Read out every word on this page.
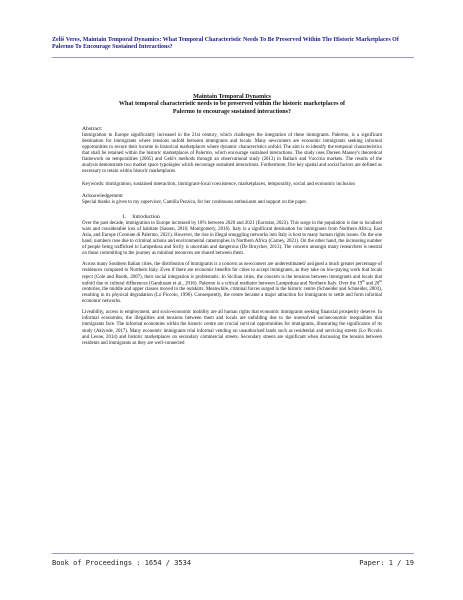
Zeliš Veres, Maintain Temporal Dynamics: What Temporal Characteristic Needs To Be Preserved Within The Historic Marketplaces Of Palermo To Encourage Sustained Interactions?
Maintain Temporal Dynamics
What temporal characteristic needs to be preserved within the historic marketplaces of
Palermo to encourage sustained interactions?
Abstract:

Immigration to Europe significantly increased in the 21st century, which challenges the integration of these immigrants. Palermo, is a significant destination for immigrants where tensions unfold between immigrants and locals. Many newcomers are economic immigrants seeking informal opportunities to secure their income in historical marketplaces where dynamic characteristics unfold. The aim is to identify the temporal characteristics that shall be retained within the historic marketplaces of Palermo, which encourage sustained interactions. The study uses Doreen Massey's theoretical framework on temporalities (2005) and Gehl's methods through an observational study (2013) in Ballarò and Vucciria markets. The results of the analysis demonstrate two market space typologies which encourage sustained interactions. Furthermore, five key spatial and social factors are defined as necessary to retain within historic marketplaces.

Keywords: immigration, sustained interaction, immigrant-local coexistence, marketplaces, temporality, social and economic inclusion
Acknowledgement
Special thanks is given to my supervisor, Camilla Pezzica, for her continuous enthusiasm and support on the paper.
1. Introduction

Over the past decade, immigration to Europe increased by 18% between 2020 and 2021 (Eurostat, 2023). This surge in the population is due to localised wars and considerable loss of habitats (Sassen, 2016; Montgomery, 2016). Italy is a significant destination for immigrants from Northern Africa, East Asia, and Europe (Comune di Palermo, 2021). However, the rise in illegal smuggling networks into Italy is host to many human rights issues. On the one hand, numbers rose due to criminal actions and environmental catastrophes in Northern Africa (Carney, 2021). On the other hand, the increasing number of people being trafficked to Lampedusa and Sicily is uncertain and dangerous (De Bruycker, 2013). The concern amongst many researchers is neutral on those committing to the journey as minimal resources are shared between them.

Across many Southern Italian cities, the distribution of immigrants is a concern as newcomers are underestimated/ assigned a much greater percentage of residences compared to Northern Italy. Even if there are economic benefits for cities to accept immigrants, as they take on low-paying work that locals reject (Cole and Booth, 2007), their social integration is problematic. In Sicilian cities, the concern is the tensions between immigrants and locals that unfold due to cultural differences (Gandusant et al., 2016). Palermo is a critical mediator between Lampedusa and Northern Italy. Over the 19th and 20th centuries, the middle and upper classes moved to the outskirts. Meanwhile, criminal forces surged in the historic centre (Schneider and Schneider, 2003), resulting in its physical degradation (Lo Piccolo, 1996). Consequently, the centre became a major attraction for immigrants to settle and form informal economic networks.

Liveability, access to employment, and socio-economic mobility are all human rights that economic immigrants seeking financial prosperity deserve. In informal economies, the illegalities and tensions between them and locals are unfolding due to the unresolved socioeconomic inequalities that immigrants face. The informal economies within the historic centre are crucial survival opportunities for immigrants, illustrating the significance of its study (Akiyode, 2017). Many economic immigrants trial informal vending on unauthorised lands such as residential and servicing streets (Lo Piccolo and Leone, 2014) and historic marketplaces on secondary commercial streets. Secondary streets are significant when discussing the tension between residents and immigrants as they are well-connected

Book of Proceedings : 1654 / 3534	Paper: 1 / 19
